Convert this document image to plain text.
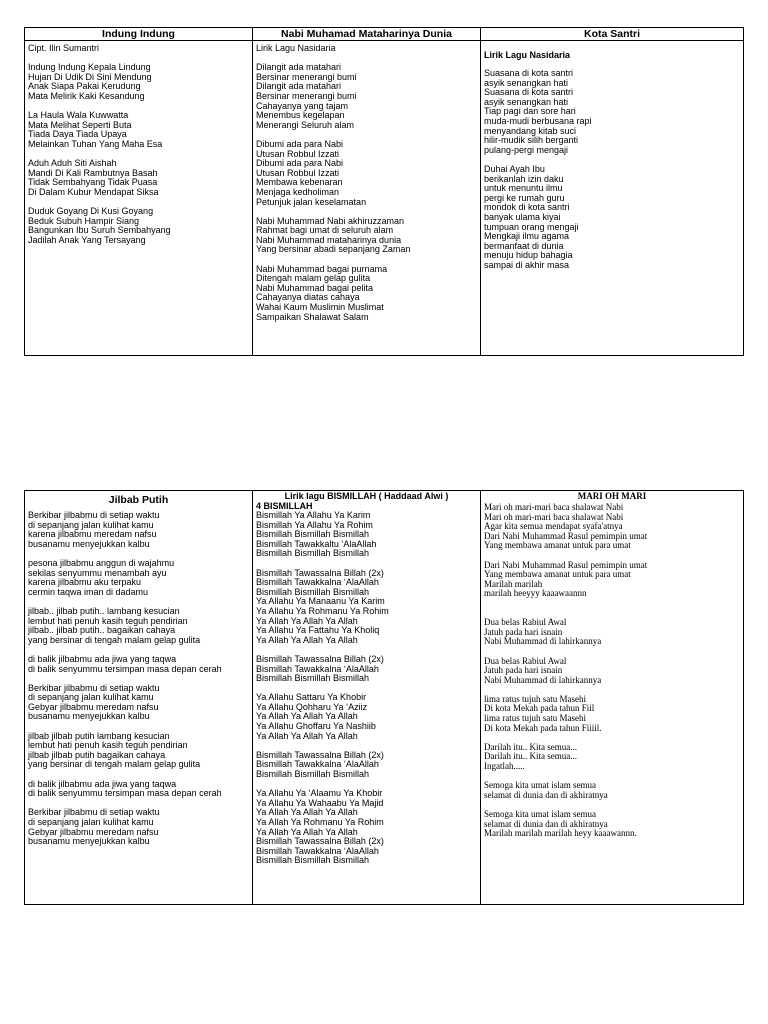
Indung Indung
Cipt. Ilin Sumantri

Indung Indung Kepala Lindung
Hujan Di Udik Di Sini Mendung
Anak Siapa Pakai Kerudung
Mata Melirik Kaki Kesandung

La Haula Wala Kuwwatta
Mata Melihat Seperti Buta
Tiada Daya Tiada Upaya
Melainkan Tuhan Yang Maha Esa

Aduh Aduh Siti Aishah
Mandi Di Kali Rambutnya Basah
Tidak Sembahyang Tidak Puasa
Di Dalam Kubur Mendapat Siksa

Duduk Goyang Di Kusi Goyang
Beduk Subuh Hampir Siang
Bangunkan Ibu Suruh Sembahyang
Jadilah Anak Yang Tersayang
Nabi Muhamad Mataharinya Dunia
Lirik Lagu Nasidaria

Dilangit ada matahari
Bersinar menerangi bumi
Dilangit ada matahari
Bersinar menerangi bumi
Cahayanya yang tajam
Menembus kegelapan
Menerangi Seluruh alam

Dibumi ada para Nabi
Utusan Robbul Izzati
Dibumi ada para Nabi
Utusan Robbul Izzati
Membawa kebenaran
Menjaga kedholiman
Petunjuk jalan keselamatan

Nabi Muhammad Nabi akhiruzzaman
Rahmat bagi umat di seluruh alam
Nabi Muhammad mataharinya dunia
Yang bersinar abadi sepanjang Zaman

Nabi Muhammad bagai purnama
Ditengah malam gelap gulita
Nabi Muhammad bagai pelita
Cahayanya diatas cahaya
Wahai Kaum Muslimin Muslimat
Sampaikan Shalawat Salam
Kota Santri
Lirik Lagu Nasidaria
Suasana di kota santri
asyik senangkan hati
Suasana di kota santri
asyik senangkan hati
Tiap pagi dan sore hari
muda-mudi berbusana rapi
menyandang kitab suci
hilir-mudik silih berganti
pulang-pergi mengaji

Duhai Ayah Ibu
berikanlah izin daku
untuk menuntu ilmu
pergi ke rumah guru
mondok di kota santri
banyak ulama kiyai
tumpuan orang mengaji
Mengkaji ilmu agama
bermanfaat di dunia
menuju hidup bahagia
sampai di akhir masa
Jilbab Putih
Berkibar jilbabmu di setiap waktu
di sepanjang jalan kulihat kamu
karena jilbabmu meredam nafsu
busanamu menyejukkan kalbu

pesona jilbabmu anggun di wajahmu
sekilas senyummu menambah ayu
karena jilbabmu aku terpaku
cermin taqwa iman di dadamu

jilbab.. jilbab putih.. lambang kesucian
lembut hati penuh kasih teguh pendirian
jilbab.. jilbab putih.. bagaikan cahaya
yang bersinar di tengah malam gelap gulita

di balik jilbabmu ada jiwa yang taqwa
di balik senyummu tersimpan masa depan cerah

Berkibar jilbabmu di setiap waktu
di sepanjang jalan kulihat kamu
Gebyar jilbabmu meredam nafsu
busanamu menyejukkan kalbu

jilbab jilbab putih lambang kesucian
lembut hati penuh kasih teguh pendirian
jilbab jilbab putih bagaikan cahaya
yang bersinar di tengah malam gelap gulita

di balik jilbabmu ada jiwa yang taqwa
di balik senyummu tersimpan masa depan cerah

Berkibar jilbabmu di setiap waktu
di sepanjang jalan kulihat kamu
Gebyar jilbabmu meredam nafsu
busanamu menyejukkan kalbu
Lirik lagu BISMILLAH ( Haddaad Alwi )
4 BISMILLAH
Bismillah Ya Allahu Ya Karim
Bismillah Ya Allahu Ya Rohim
Bismillah Bismillah Bismillah
Bismillah Tawakkaltu ‘AlaAllah
Bismillah Bismillah Bismillah

Bismillah Tawassalna Billah (2x)
Bismillah Tawakkalna ‘AlaAllah
Bismillah Bismillah Bismillah
Ya Allahu Ya Manaanu Ya Karim
Ya Allahu Ya Rohmanu Ya Rohim
Ya Allah Ya Allah Ya Allah
Ya Allahu Ya Fattahu Ya Kholiq
Ya Allah Ya Allah Ya Allah

Bismillah Tawassalna Billah (2x)
Bismillah Tawakkalna ‘AlaAllah
Bismillah Bismillah Bismillah

Ya Allahu Sattaru Ya Khobir
Ya Allahu Qohharu Ya ‘Aziiz
Ya Allah Ya Allah Ya Allah
Ya Allahu Ghoffaru Ya Nashiib
Ya Allah Ya Allah Ya Allah

Bismillah Tawassalna Billah (2x)
Bismillah Tawakkalna ‘AlaAllah
Bismillah Bismillah Bismillah

Ya Allahu Ya ‘Alaamu Ya Khobir
Ya Allahu Ya Wahaabu Ya Majid
Ya Allah Ya Allah Ya Allah
Ya Allah Ya Rohmanu Ya Rohim
Ya Allah Ya Allah Ya Allah
Bismillah Tawassalna Billah (2x)
Bismillah Tawakkalna ‘AlaAllah
Bismillah Bismillah Bismillah
MARI OH MARI
Mari oh mari-mari baca shalawat Nabi
Mari oh mari-mari baca shalawat Nabi
Agar kita semua mendapat syafa'atnya
Dari Nabi Muhammad Rasul pemimpin umat
Yang membawa amanat untuk para umat

Dari Nabi Muhammad Rasul pemimpin umat
Yang membawa amanat untuk para umat
Marilah marilah
marilah heeyyy kaaawaannn

Dua belas Rabiul Awal
Jatuh pada hari isnain
Nabi Muhammad di lahirkannya

Dua belas Rabiul Awal
Jatuh pada hari isnain
Nabi Muhammad di lahirkannya

lima ratus tujuh satu Masehi
Di kota Mekah pada tahun Fiil
lima ratus tujuh satu Masehi
Di kota Mekah pada tahun Fiiiil.

Darilah itu.. Kita semua...
Darilah itu.. Kita semua...
Ingatlah.....

Semoga kita umat islam semua
selamat di dunia dan di akhiratnya

Semoga kita umat islam semua
selamat di dunia dan di akhiratnya
Marilah marilah marilah heyy kaaawannn.
